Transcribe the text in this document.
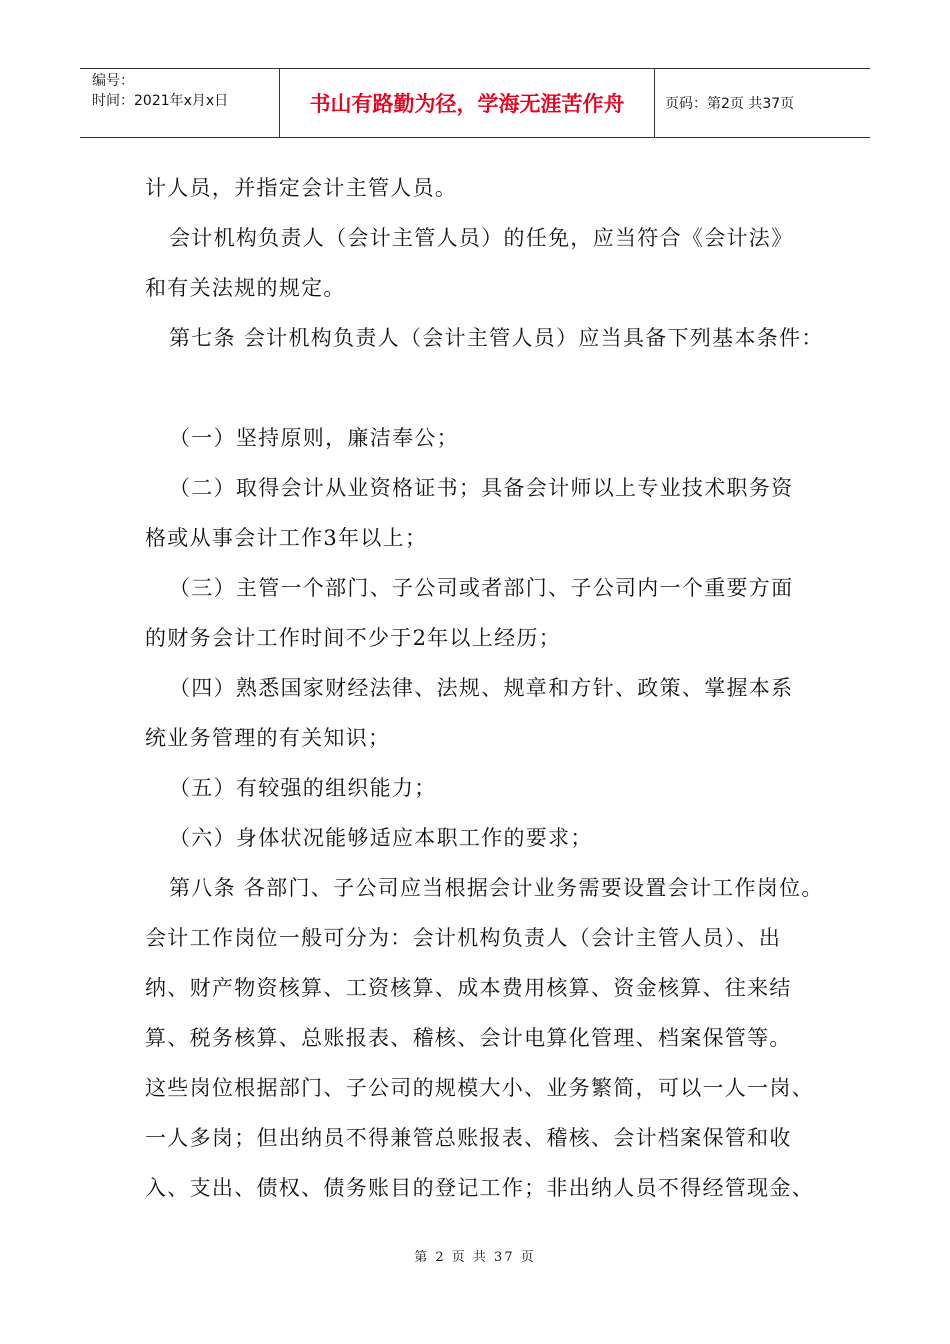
编号：
时间：2021年x月x日	书山有路勤为径，学海无涯苦作舟	页码：第2页 共37页
计人员，并指定会计主管人员。
会计机构负责人（会计主管人员）的任免，应当符合《会计法》
和有关法规的规定。
第七条 会计机构负责人（会计主管人员）应当具备下列基本条件：
（一）坚持原则，廉洁奉公；
（二）取得会计从业资格证书；具备会计师以上专业技术职务资
格或从事会计工作3年以上；
（三）主管一个部门、子公司或者部门、子公司内一个重要方面
的财务会计工作时间不少于2年以上经历；
（四）熟悉国家财经法律、法规、规章和方针、政策、掌握本系
统业务管理的有关知识；
（五）有较强的组织能力；
（六）身体状况能够适应本职工作的要求；
第八条 各部门、子公司应当根据会计业务需要设置会计工作岗位。
会计工作岗位一般可分为：会计机构负责人（会计主管人员）、出
纳、财产物资核算、工资核算、成本费用核算、资金核算、往来结
算、税务核算、总账报表、稽核、会计电算化管理、档案保管等。
这些岗位根据部门、子公司的规模大小、业务繁简，可以一人一岗、
一人多岗；但出纳员不得兼管总账报表、稽核、会计档案保管和收
入、支出、债权、债务账目的登记工作；非出纳人员不得经管现金、
第 2 页 共 37 页
